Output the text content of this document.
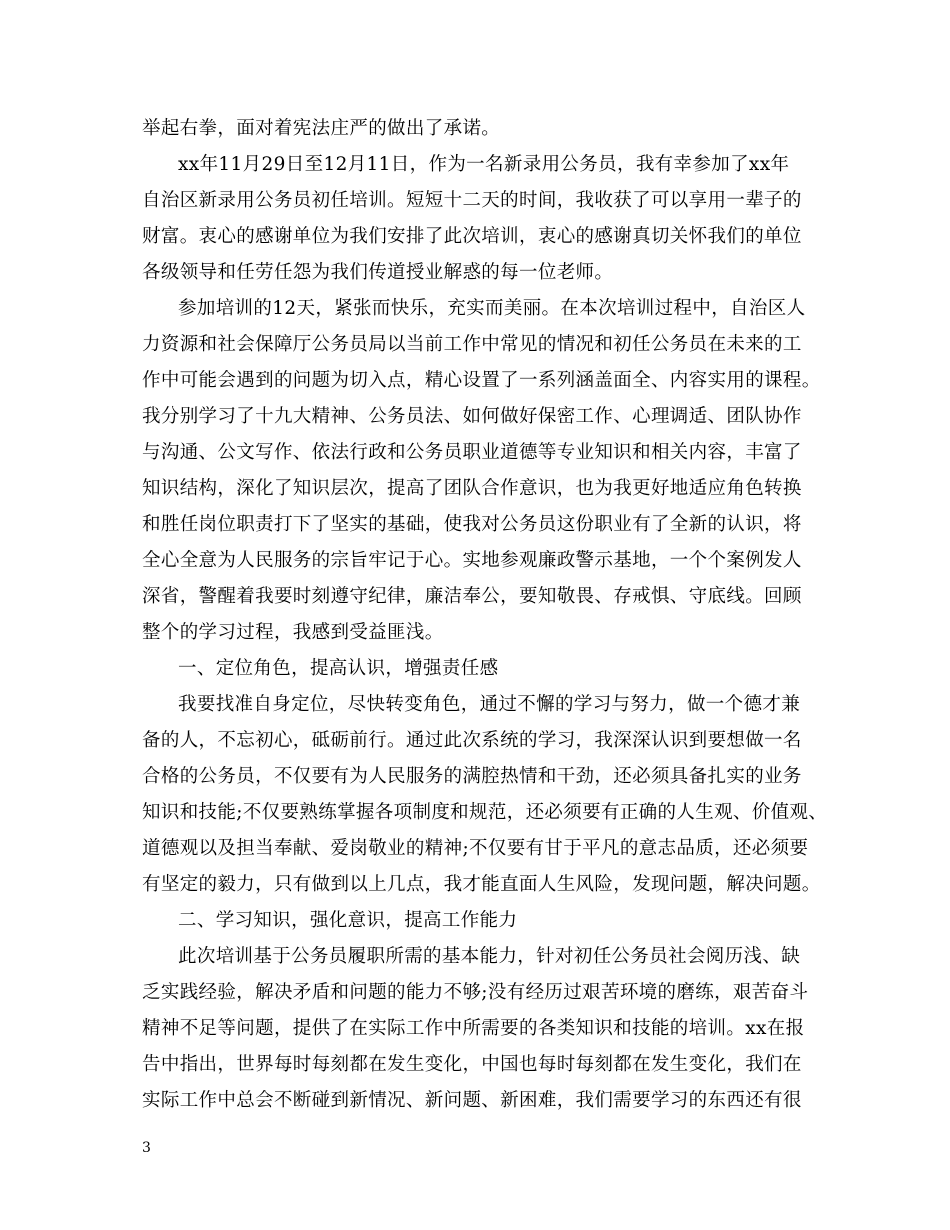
举起右拳，面对着宪法庄严的做出了承诺。
xx年11月29日至12月11日，作为一名新录用公务员，我有幸参加了xx年
自治区新录用公务员初任培训。短短十二天的时间，我收获了可以享用一辈子的
财富。衷心的感谢单位为我们安排了此次培训，衷心的感谢真切关怀我们的单位
各级领导和任劳任怨为我们传道授业解惑的每一位老师。
参加培训的12天，紧张而快乐，充实而美丽。在本次培训过程中，自治区人
力资源和社会保障厅公务员局以当前工作中常见的情况和初任公务员在未来的工
作中可能会遇到的问题为切入点，精心设置了一系列涵盖面全、内容实用的课程。
我分别学习了十九大精神、公务员法、如何做好保密工作、心理调适、团队协作
与沟通、公文写作、依法行政和公务员职业道德等专业知识和相关内容，丰富了
知识结构，深化了知识层次，提高了团队合作意识，也为我更好地适应角色转换
和胜任岗位职责打下了坚实的基础，使我对公务员这份职业有了全新的认识，将
全心全意为人民服务的宗旨牢记于心。实地参观廉政警示基地，一个个案例发人
深省，警醒着我要时刻遵守纪律，廉洁奉公，要知敬畏、存戒惧、守底线。回顾
整个的学习过程，我感到受益匪浅。
一、定位角色，提高认识，增强责任感
我要找准自身定位，尽快转变角色，通过不懈的学习与努力，做一个德才兼
备的人，不忘初心，砥砺前行。通过此次系统的学习，我深深认识到要想做一名
合格的公务员，不仅要有为人民服务的满腔热情和干劲，还必须具备扎实的业务
知识和技能;不仅要熟练掌握各项制度和规范，还必须要有正确的人生观、价值观、
道德观以及担当奉献、爱岗敬业的精神;不仅要有甘于平凡的意志品质，还必须要
有坚定的毅力，只有做到以上几点，我才能直面人生风险，发现问题，解决问题。
二、学习知识，强化意识，提高工作能力
此次培训基于公务员履职所需的基本能力，针对初任公务员社会阅历浅、缺
乏实践经验，解决矛盾和问题的能力不够;没有经历过艰苦环境的磨练，艰苦奋斗
精神不足等问题，提供了在实际工作中所需要的各类知识和技能的培训。xx在报
告中指出，世界每时每刻都在发生变化，中国也每时每刻都在发生变化，我们在
实际工作中总会不断碰到新情况、新问题、新困难，我们需要学习的东西还有很
3
